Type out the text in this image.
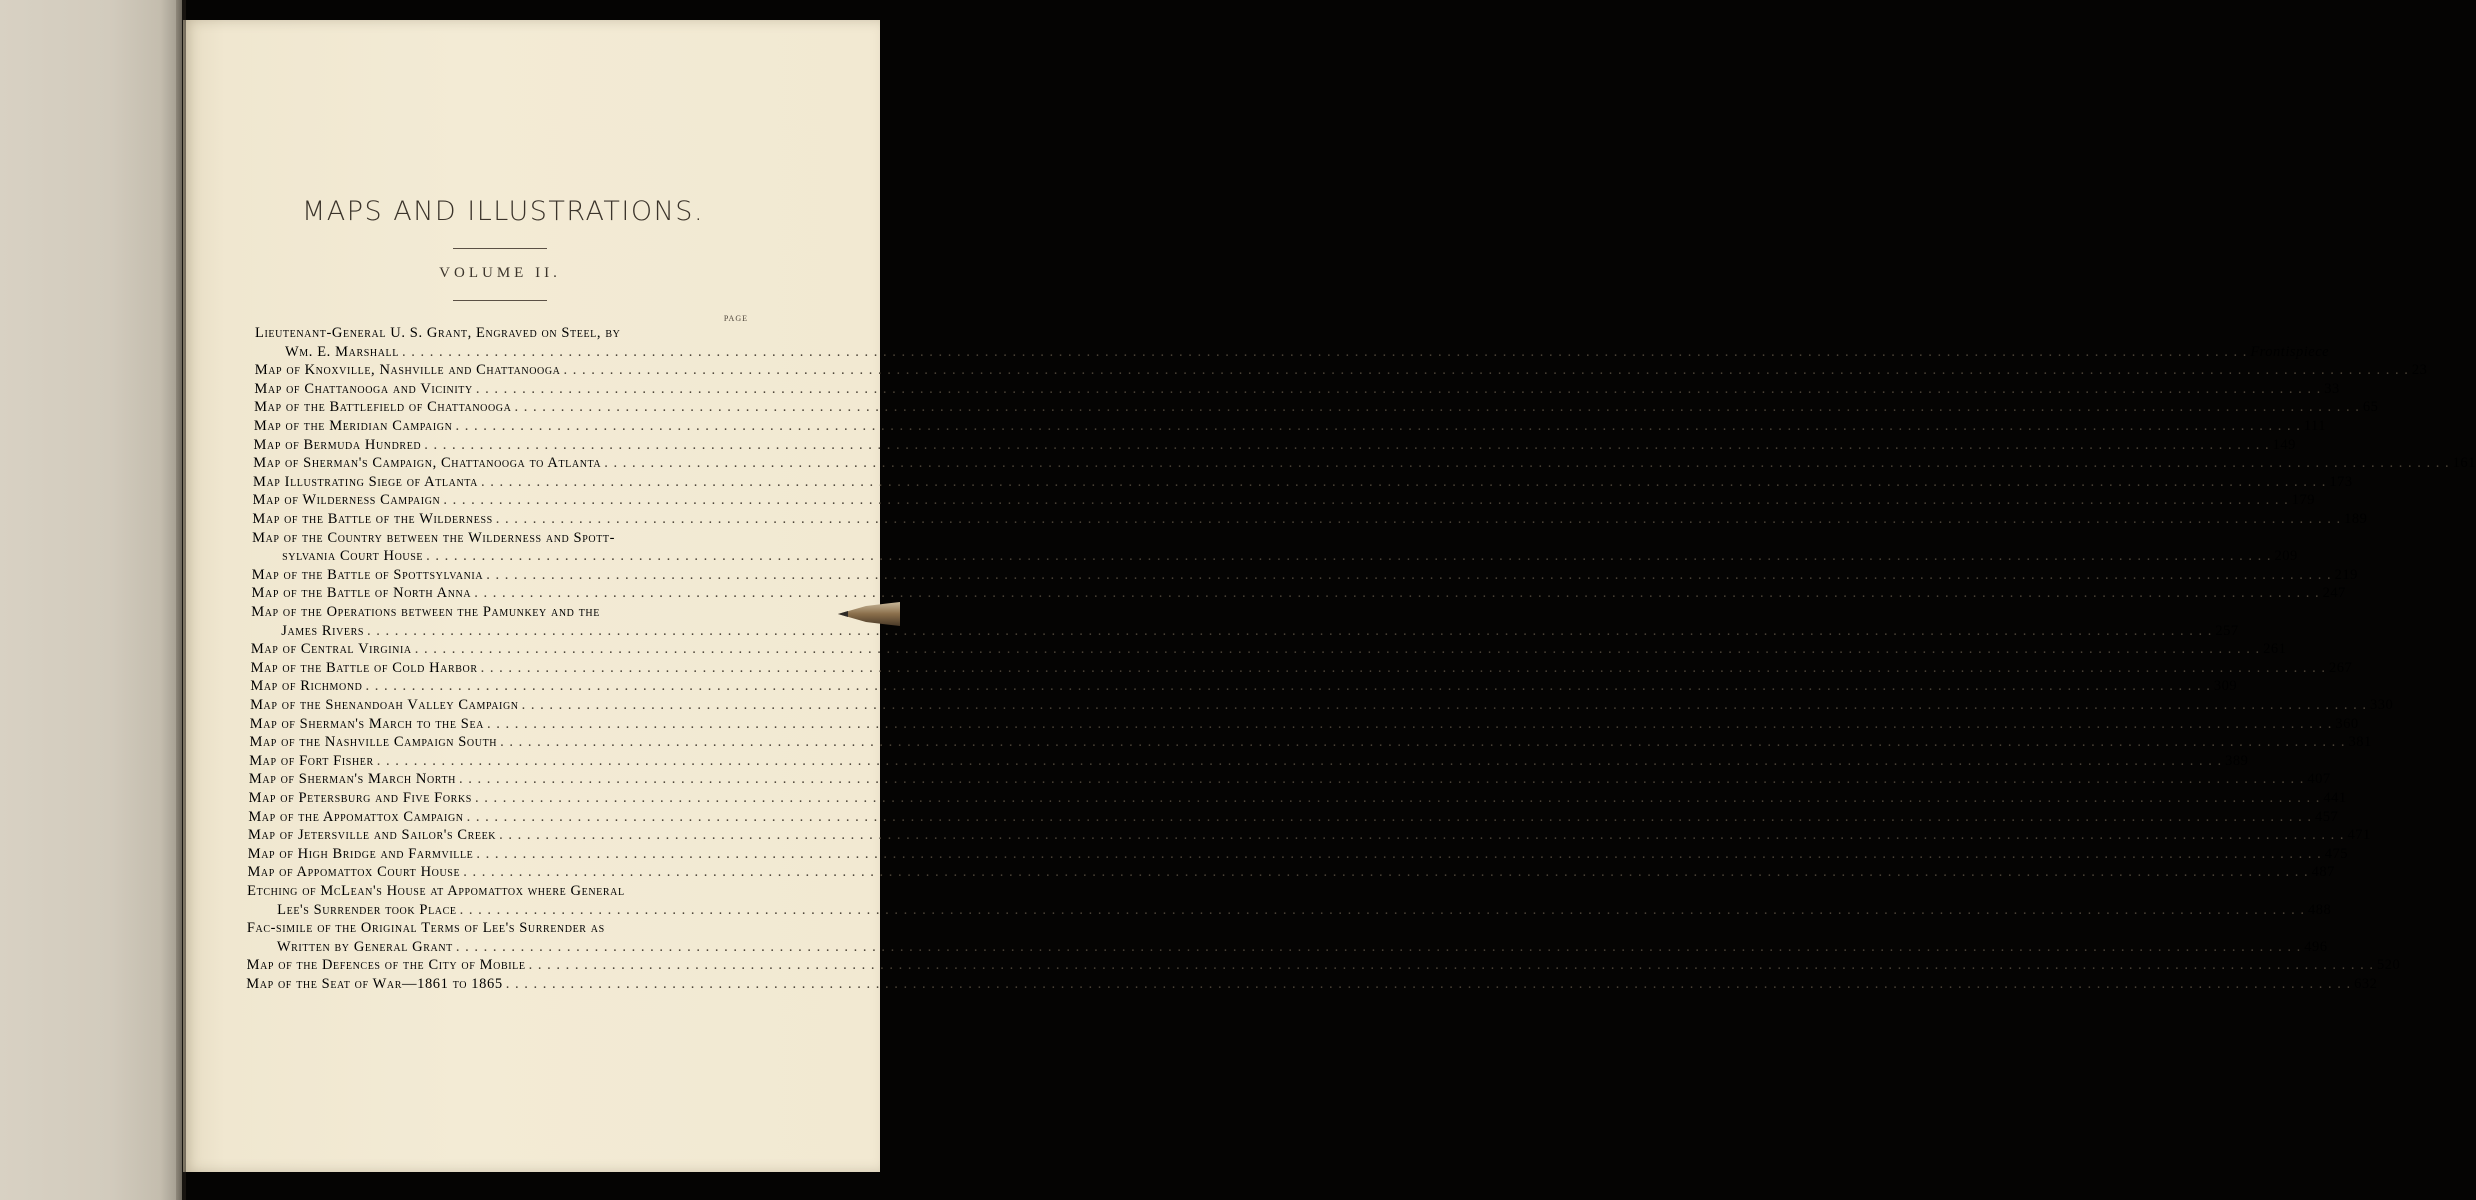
MAPS AND ILLUSTRATIONS.
VOLUME II.
PAGE
Lieutenant-General U. S. Grant, Engraved on Steel, by
Wm. E. Marshall . . . . . . . . . . . . . . . . . . . . . . . . . . . . . . . . . . . . . . . . . . . . . . . . . . . . . . . . . . . . . . . . . . . . . . . . . . . . . . . . . . . . . . . . . . . . . . . . . . . . . . . . . . . . . . . . . . . . . . . . . . . . . . . . . . . . . . . . . . . . . . . . . . . . . . . . . . . . . . . . . . . . . . . . . . . . . . . . . . . . . . . . . . . . . . . . . . . . . . . . Frontispiece
Map of Knoxville, Nashville and Chattanooga . . . . . . . . . . . . . . . . . . . . . . . . . . . . . . . . . . . . . . . . . . . . . . . . . . . . . . . . . . . . . . . . . . . . . . . . . . . . . . . . . . . . . . . . . . . . . . . . . . . . . . . . . . . . . . . . . . . . . . . . . . . . . . . . . . . . . . . . . . . . . . . . . . . . . . . . . . . . . . . . . . . . . . . . . . . . . . . . . . . . . . . . . . . . . . . . . . . . . . . . 23
Map of Chattanooga and Vicinity . . . . . . . . . . . . . . . . . . . . . . . . . . . . . . . . . . . . . . . . . . . . . . . . . . . . . . . . . . . . . . . . . . . . . . . . . . . . . . . . . . . . . . . . . . . . . . . . . . . . . . . . . . . . . . . . . . . . . . . . . . . . . . . . . . . . . . . . . . . . . . . . . . . . . . . . . . . . . . . . . . . . . . . . . . . . . . . . . . . . . . . . . . . . . . . . . . . . . . . . 33
Map of the Battlefield of Chattanooga . . . . . . . . . . . . . . . . . . . . . . . . . . . . . . . . . . . . . . . . . . . . . . . . . . . . . . . . . . . . . . . . . . . . . . . . . . . . . . . . . . . . . . . . . . . . . . . . . . . . . . . . . . . . . . . . . . . . . . . . . . . . . . . . . . . . . . . . . . . . . . . . . . . . . . . . . . . . . . . . . . . . . . . . . . . . . . . . . . . . . . . . . . . . . . . . . . . . . . . . 65
Map of the Meridian Campaign . . . . . . . . . . . . . . . . . . . . . . . . . . . . . . . . . . . . . . . . . . . . . . . . . . . . . . . . . . . . . . . . . . . . . . . . . . . . . . . . . . . . . . . . . . . . . . . . . . . . . . . . . . . . . . . . . . . . . . . . . . . . . . . . . . . . . . . . . . . . . . . . . . . . . . . . . . . . . . . . . . . . . . . . . . . . . . . . . . . . . . . . . . . . . . . . . . . . . . . . 111
Map of Bermuda Hundred . . . . . . . . . . . . . . . . . . . . . . . . . . . . . . . . . . . . . . . . . . . . . . . . . . . . . . . . . . . . . . . . . . . . . . . . . . . . . . . . . . . . . . . . . . . . . . . . . . . . . . . . . . . . . . . . . . . . . . . . . . . . . . . . . . . . . . . . . . . . . . . . . . . . . . . . . . . . . . . . . . . . . . . . . . . . . . . . . . . . . . . . . . . . . . . . . . . . . . . . 149
Map of Sherman's Campaign, Chattanooga to Atlanta . . . . . . . . . . . . . . . . . . . . . . . . . . . . . . . . . . . . . . . . . . . . . . . . . . . . . . . . . . . . . . . . . . . . . . . . . . . . . . . . . . . . . . . . . . . . . . . . . . . . . . . . . . . . . . . . . . . . . . . . . . . . . . . . . . . . . . . . . . . . . . . . . . . . . . . . . . . . . . . . . . . . . . . . . . . . . . . . . . . . . . . . . . . . . . . . . . . . . . . . 161
Map Illustrating Siege of Atlanta . . . . . . . . . . . . . . . . . . . . . . . . . . . . . . . . . . . . . . . . . . . . . . . . . . . . . . . . . . . . . . . . . . . . . . . . . . . . . . . . . . . . . . . . . . . . . . . . . . . . . . . . . . . . . . . . . . . . . . . . . . . . . . . . . . . . . . . . . . . . . . . . . . . . . . . . . . . . . . . . . . . . . . . . . . . . . . . . . . . . . . . . . . . . . . . . . . . . . . . . 173
Map of Wilderness Campaign . . . . . . . . . . . . . . . . . . . . . . . . . . . . . . . . . . . . . . . . . . . . . . . . . . . . . . . . . . . . . . . . . . . . . . . . . . . . . . . . . . . . . . . . . . . . . . . . . . . . . . . . . . . . . . . . . . . . . . . . . . . . . . . . . . . . . . . . . . . . . . . . . . . . . . . . . . . . . . . . . . . . . . . . . . . . . . . . . . . . . . . . . . . . . . . . . . . . . . . . 179
Map of the Battle of the Wilderness . . . . . . . . . . . . . . . . . . . . . . . . . . . . . . . . . . . . . . . . . . . . . . . . . . . . . . . . . . . . . . . . . . . . . . . . . . . . . . . . . . . . . . . . . . . . . . . . . . . . . . . . . . . . . . . . . . . . . . . . . . . . . . . . . . . . . . . . . . . . . . . . . . . . . . . . . . . . . . . . . . . . . . . . . . . . . . . . . . . . . . . . . . . . . . . . . . . . . . . . 189
Map of the Country between the Wilderness and Spott-
sylvania Court House . . . . . . . . . . . . . . . . . . . . . . . . . . . . . . . . . . . . . . . . . . . . . . . . . . . . . . . . . . . . . . . . . . . . . . . . . . . . . . . . . . . . . . . . . . . . . . . . . . . . . . . . . . . . . . . . . . . . . . . . . . . . . . . . . . . . . . . . . . . . . . . . . . . . . . . . . . . . . . . . . . . . . . . . . . . . . . . . . . . . . . . . . . . . . . . . . . . . . . . . 209
Map of the Battle of Spottsylvania . . . . . . . . . . . . . . . . . . . . . . . . . . . . . . . . . . . . . . . . . . . . . . . . . . . . . . . . . . . . . . . . . . . . . . . . . . . . . . . . . . . . . . . . . . . . . . . . . . . . . . . . . . . . . . . . . . . . . . . . . . . . . . . . . . . . . . . . . . . . . . . . . . . . . . . . . . . . . . . . . . . . . . . . . . . . . . . . . . . . . . . . . . . . . . . . . . . . . . . . 219
Map of the Battle of North Anna . . . . . . . . . . . . . . . . . . . . . . . . . . . . . . . . . . . . . . . . . . . . . . . . . . . . . . . . . . . . . . . . . . . . . . . . . . . . . . . . . . . . . . . . . . . . . . . . . . . . . . . . . . . . . . . . . . . . . . . . . . . . . . . . . . . . . . . . . . . . . . . . . . . . . . . . . . . . . . . . . . . . . . . . . . . . . . . . . . . . . . . . . . . . . . . . . . . . . . . . 247
Map of the Operations between the Pamunkey and the
James Rivers . . . . . . . . . . . . . . . . . . . . . . . . . . . . . . . . . . . . . . . . . . . . . . . . . . . . . . . . . . . . . . . . . . . . . . . . . . . . . . . . . . . . . . . . . . . . . . . . . . . . . . . . . . . . . . . . . . . . . . . . . . . . . . . . . . . . . . . . . . . . . . . . . . . . . . . . . . . . . . . . . . . . . . . . . . . . . . . . . . . . . . . . . . . . . . . . . . . . . . . . 257
Map of Central Virginia . . . . . . . . . . . . . . . . . . . . . . . . . . . . . . . . . . . . . . . . . . . . . . . . . . . . . . . . . . . . . . . . . . . . . . . . . . . . . . . . . . . . . . . . . . . . . . . . . . . . . . . . . . . . . . . . . . . . . . . . . . . . . . . . . . . . . . . . . . . . . . . . . . . . . . . . . . . . . . . . . . . . . . . . . . . . . . . . . . . . . . . . . . . . . . . . . . . . . . . . 261
Map of the Battle of Cold Harbor . . . . . . . . . . . . . . . . . . . . . . . . . . . . . . . . . . . . . . . . . . . . . . . . . . . . . . . . . . . . . . . . . . . . . . . . . . . . . . . . . . . . . . . . . . . . . . . . . . . . . . . . . . . . . . . . . . . . . . . . . . . . . . . . . . . . . . . . . . . . . . . . . . . . . . . . . . . . . . . . . . . . . . . . . . . . . . . . . . . . . . . . . . . . . . . . . . . . . . . . 267
Map of Richmond . . . . . . . . . . . . . . . . . . . . . . . . . . . . . . . . . . . . . . . . . . . . . . . . . . . . . . . . . . . . . . . . . . . . . . . . . . . . . . . . . . . . . . . . . . . . . . . . . . . . . . . . . . . . . . . . . . . . . . . . . . . . . . . . . . . . . . . . . . . . . . . . . . . . . . . . . . . . . . . . . . . . . . . . . . . . . . . . . . . . . . . . . . . . . . . . . . . . . . . . 309
Map of the Shenandoah Valley Campaign . . . . . . . . . . . . . . . . . . . . . . . . . . . . . . . . . . . . . . . . . . . . . . . . . . . . . . . . . . . . . . . . . . . . . . . . . . . . . . . . . . . . . . . . . . . . . . . . . . . . . . . . . . . . . . . . . . . . . . . . . . . . . . . . . . . . . . . . . . . . . . . . . . . . . . . . . . . . . . . . . . . . . . . . . . . . . . . . . . . . . . . . . . . . . . . . . . . . . . . . 330
Map of Sherman's March to the Sea . . . . . . . . . . . . . . . . . . . . . . . . . . . . . . . . . . . . . . . . . . . . . . . . . . . . . . . . . . . . . . . . . . . . . . . . . . . . . . . . . . . . . . . . . . . . . . . . . . . . . . . . . . . . . . . . . . . . . . . . . . . . . . . . . . . . . . . . . . . . . . . . . . . . . . . . . . . . . . . . . . . . . . . . . . . . . . . . . . . . . . . . . . . . . . . . . . . . . . . . 360
Map of the Nashville Campaign South . . . . . . . . . . . . . . . . . . . . . . . . . . . . . . . . . . . . . . . . . . . . . . . . . . . . . . . . . . . . . . . . . . . . . . . . . . . . . . . . . . . . . . . . . . . . . . . . . . . . . . . . . . . . . . . . . . . . . . . . . . . . . . . . . . . . . . . . . . . . . . . . . . . . . . . . . . . . . . . . . . . . . . . . . . . . . . . . . . . . . . . . . . . . . . . . . . . . . . . . 381
Map of Fort Fisher . . . . . . . . . . . . . . . . . . . . . . . . . . . . . . . . . . . . . . . . . . . . . . . . . . . . . . . . . . . . . . . . . . . . . . . . . . . . . . . . . . . . . . . . . . . . . . . . . . . . . . . . . . . . . . . . . . . . . . . . . . . . . . . . . . . . . . . . . . . . . . . . . . . . . . . . . . . . . . . . . . . . . . . . . . . . . . . . . . . . . . . . . . . . . . . . . . . . . . . . 389
Map of Sherman's March North . . . . . . . . . . . . . . . . . . . . . . . . . . . . . . . . . . . . . . . . . . . . . . . . . . . . . . . . . . . . . . . . . . . . . . . . . . . . . . . . . . . . . . . . . . . . . . . . . . . . . . . . . . . . . . . . . . . . . . . . . . . . . . . . . . . . . . . . . . . . . . . . . . . . . . . . . . . . . . . . . . . . . . . . . . . . . . . . . . . . . . . . . . . . . . . . . . . . . . . . 407
Map of Petersburg and Five Forks . . . . . . . . . . . . . . . . . . . . . . . . . . . . . . . . . . . . . . . . . . . . . . . . . . . . . . . . . . . . . . . . . . . . . . . . . . . . . . . . . . . . . . . . . . . . . . . . . . . . . . . . . . . . . . . . . . . . . . . . . . . . . . . . . . . . . . . . . . . . . . . . . . . . . . . . . . . . . . . . . . . . . . . . . . . . . . . . . . . . . . . . . . . . . . . . . . . . . . . . 441
Map of the Appomattox Campaign . . . . . . . . . . . . . . . . . . . . . . . . . . . . . . . . . . . . . . . . . . . . . . . . . . . . . . . . . . . . . . . . . . . . . . . . . . . . . . . . . . . . . . . . . . . . . . . . . . . . . . . . . . . . . . . . . . . . . . . . . . . . . . . . . . . . . . . . . . . . . . . . . . . . . . . . . . . . . . . . . . . . . . . . . . . . . . . . . . . . . . . . . . . . . . . . . . . . . . . . 457
Map of Jetersville and Sailor's Creek . . . . . . . . . . . . . . . . . . . . . . . . . . . . . . . . . . . . . . . . . . . . . . . . . . . . . . . . . . . . . . . . . . . . . . . . . . . . . . . . . . . . . . . . . . . . . . . . . . . . . . . . . . . . . . . . . . . . . . . . . . . . . . . . . . . . . . . . . . . . . . . . . . . . . . . . . . . . . . . . . . . . . . . . . . . . . . . . . . . . . . . . . . . . . . . . . . . . . . . . 471
Map of High Bridge and Farmville . . . . . . . . . . . . . . . . . . . . . . . . . . . . . . . . . . . . . . . . . . . . . . . . . . . . . . . . . . . . . . . . . . . . . . . . . . . . . . . . . . . . . . . . . . . . . . . . . . . . . . . . . . . . . . . . . . . . . . . . . . . . . . . . . . . . . . . . . . . . . . . . . . . . . . . . . . . . . . . . . . . . . . . . . . . . . . . . . . . . . . . . . . . . . . . . . . . . . . . . 475
Map of Appomattox Court House . . . . . . . . . . . . . . . . . . . . . . . . . . . . . . . . . . . . . . . . . . . . . . . . . . . . . . . . . . . . . . . . . . . . . . . . . . . . . . . . . . . . . . . . . . . . . . . . . . . . . . . . . . . . . . . . . . . . . . . . . . . . . . . . . . . . . . . . . . . . . . . . . . . . . . . . . . . . . . . . . . . . . . . . . . . . . . . . . . . . . . . . . . . . . . . . . . . . . . . . 487
Etching of McLean's House at Appomattox where General
Lee's Surrender took Place . . . . . . . . . . . . . . . . . . . . . . . . . . . . . . . . . . . . . . . . . . . . . . . . . . . . . . . . . . . . . . . . . . . . . . . . . . . . . . . . . . . . . . . . . . . . . . . . . . . . . . . . . . . . . . . . . . . . . . . . . . . . . . . . . . . . . . . . . . . . . . . . . . . . . . . . . . . . . . . . . . . . . . . . . . . . . . . . . . . . . . . . . . . . . . . . . . . . . . . . 488
Fac-simile of the Original Terms of Lee's Surrender as
Written by General Grant . . . . . . . . . . . . . . . . . . . . . . . . . . . . . . . . . . . . . . . . . . . . . . . . . . . . . . . . . . . . . . . . . . . . . . . . . . . . . . . . . . . . . . . . . . . . . . . . . . . . . . . . . . . . . . . . . . . . . . . . . . . . . . . . . . . . . . . . . . . . . . . . . . . . . . . . . . . . . . . . . . . . . . . . . . . . . . . . . . . . . . . . . . . . . . . . . . . . . . . . 496
Map of the Defences of the City of Mobile . . . . . . . . . . . . . . . . . . . . . . . . . . . . . . . . . . . . . . . . . . . . . . . . . . . . . . . . . . . . . . . . . . . . . . . . . . . . . . . . . . . . . . . . . . . . . . . . . . . . . . . . . . . . . . . . . . . . . . . . . . . . . . . . . . . . . . . . . . . . . . . . . . . . . . . . . . . . . . . . . . . . . . . . . . . . . . . . . . . . . . . . . . . . . . . . . . . . . . . . 520
Map of the Seat of War—1861 to 1865 . . . . . . . . . . . . . . . . . . . . . . . . . . . . . . . . . . . . . . . . . . . . . . . . . . . . . . . . . . . . . . . . . . . . . . . . . . . . . . . . . . . . . . . . . . . . . . . . . . . . . . . . . . . . . . . . . . . . . . . . . . . . . . . . . . . . . . . . . . . . . . . . . . . . . . . . . . . . . . . . . . . . . . . . . . . . . . . . . . . . . . . . . . . . . . . . . . . . . . . . 632
